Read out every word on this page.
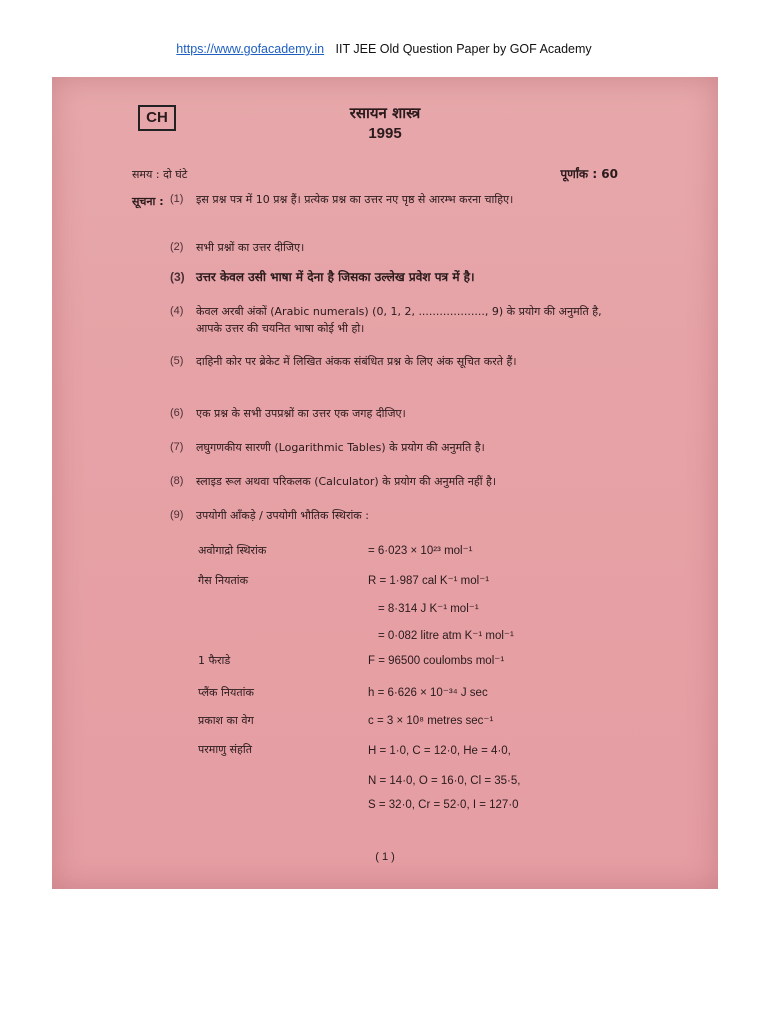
https://www.gofacademy.in IIT JEE Old Question Paper by GOF Academy
CH	रसायन शास्त्र
1995
समय : दो घंटे	पूर्णांक : 60
सूचना : (1)	इस प्रश्न पत्र में 10 प्रश्न हैं। प्रत्येक प्रश्न का उत्तर नए पृष्ठ से आरम्भ करना चाहिए।
(2)	सभी प्रश्नों का उत्तर दीजिए।
(3) उत्तर केवल उसी भाषा में देना है जिसका उल्लेख प्रवेश पत्र में है।
(4)	केवल अरबी अंकों (Arabic numerals) (0, 1, 2, ..................., 9) के प्रयोग की अनुमति है, आपके उत्तर की चयनित भाषा कोई भी हो।
(5)	दाहिनी कोर पर ब्रेकेट में लिखित अंकक संबंधित प्रश्न के लिए अंक सूचित करते हैं।
(6)	एक प्रश्न के सभी उपप्रश्नों का उत्तर एक जगह दीजिए।
(7)	लघुगणकीय सारणी (Logarithmic Tables) के प्रयोग की अनुमति है।
(8)	स्लाइड रूल अथवा परिकलक (Calculator) के प्रयोग की अनुमति नहीं है।
(9)	उपयोगी आँकड़े / उपयोगी भौतिक स्थिरांक :
अवोगाद्रो स्थिरांक	= 6·023 × 10²³ mol⁻¹
गैस नियतांक	R = 1·987 cal K⁻¹ mol⁻¹
= 8·314 J K⁻¹ mol⁻¹
= 0·082 litre atm K⁻¹ mol⁻¹
1 फैराडे	F = 96500 coulombs mol⁻¹
प्लैंक नियतांक	h = 6·626 × 10⁻³⁴ J sec
प्रकाश का वेग	c = 3 × 10⁸ metres sec⁻¹
परमाणु संहति	H = 1·0, C = 12·0, He = 4·0,
N = 14·0, O = 16·0, Cl = 35·5,
S = 32·0, Cr = 52·0, I = 127·0
( 1 )
